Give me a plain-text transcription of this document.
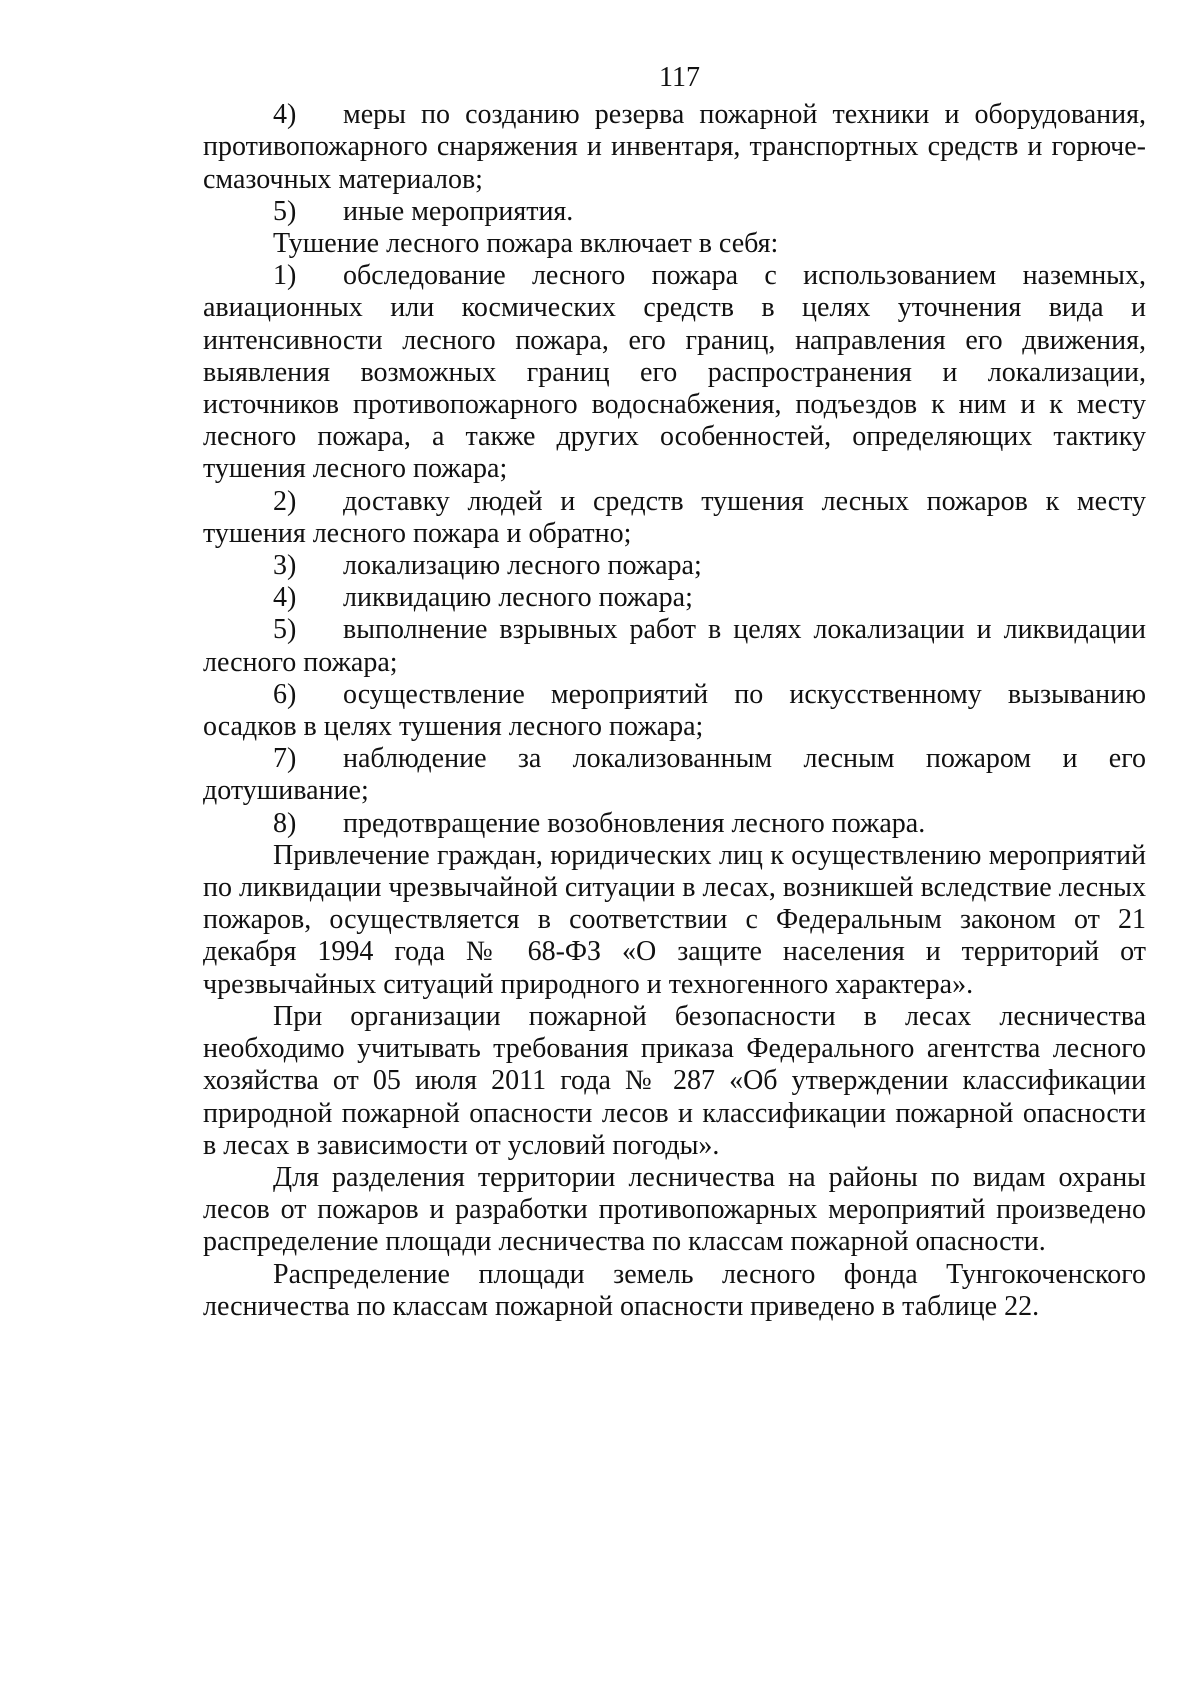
117
4) меры по созданию резерва пожарной техники и оборудования, противопожарного снаряжения и инвентаря, транспортных средств и горюче-смазочных материалов;
5) иные мероприятия.
Тушение лесного пожара включает в себя:
1) обследование лесного пожара с использованием наземных, авиационных или космических средств в целях уточнения вида и интенсивности лесного пожара, его границ, направления его движения, выявления возможных границ его распространения и локализации, источников противопожарного водоснабжения, подъездов к ним и к месту лесного пожара, а также других особенностей, определяющих тактику тушения лесного пожара;
2) доставку людей и средств тушения лесных пожаров к месту тушения лесного пожара и обратно;
3) локализацию лесного пожара;
4) ликвидацию лесного пожара;
5) выполнение взрывных работ в целях локализации и ликвидации лесного пожара;
6) осуществление мероприятий по искусственному вызыванию осадков в целях тушения лесного пожара;
7) наблюдение за локализованным лесным пожаром и его дотушивание;
8) предотвращение возобновления лесного пожара.
Привлечение граждан, юридических лиц к осуществлению мероприятий по ликвидации чрезвычайной ситуации в лесах, возникшей вследствие лесных пожаров, осуществляется в соответствии с Федеральным законом от 21 декабря 1994 года № 68-ФЗ «О защите населения и территорий от чрезвычайных ситуаций природного и техногенного характера».
При организации пожарной безопасности в лесах лесничества необходимо учитывать требования приказа Федерального агентства лесного хозяйства от 05 июля 2011 года № 287 «Об утверждении классификации природной пожарной опасности лесов и классификации пожарной опасности в лесах в зависимости от условий погоды».
Для разделения территории лесничества на районы по видам охраны лесов от пожаров и разработки противопожарных мероприятий произведено распределение площади лесничества по классам пожарной опасности.
Распределение площади земель лесного фонда Тунгокоченского лесничества по классам пожарной опасности приведено в таблице 22.
